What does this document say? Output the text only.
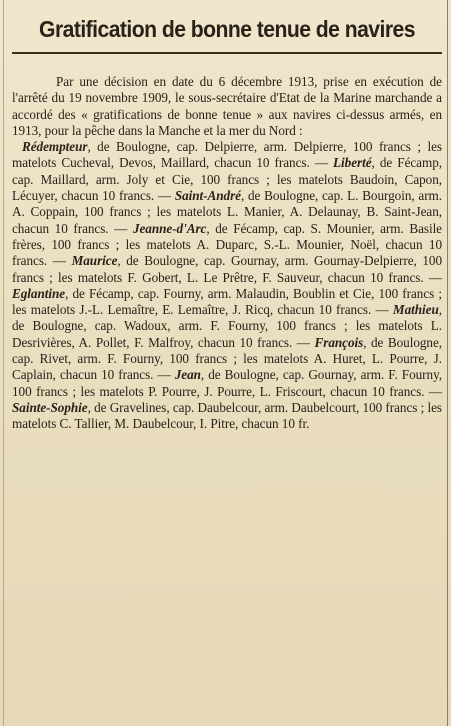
Gratification de bonne tenue de navires

Par une décision en date du 6 décembre 1913, prise en exécution de l'arrêté du 19 novembre 1909, le sous-secrétaire d'Etat de la Marine marchande a accordé des « gratifications de bonne tenue » aux navires ci-dessus armés, en 1913, pour la pêche dans la Manche et la mer du Nord :

Rédempteur, de Boulogne, cap. Delpierre, arm. Delpierre, 100 francs ; les matelots Cucheval, Devos, Maillard, chacun 10 francs. — Liberté, de Fécamp, cap. Maillard, arm. Joly et Cie, 100 francs ; les matelots Baudoin, Capon, Lécuyer, chacun 10 francs. — Saint-André, de Boulogne, cap. L. Bourgoin, arm. A. Coppain, 100 francs ; les matelots L. Manier, A. Delaunay, B. Saint-Jean, chacun 10 francs. — Jeanne-d'Arc, de Fécamp, cap. S. Mounier, arm. Basile frères, 100 francs ; les matelots A. Duparc, S.-L. Mounier, Noël, chacun 10 francs. — Maurice, de Boulogne, cap. Gournay, arm. Gournay-Delpierre, 100 francs ; les matelots F. Gobert, L. Le Prêtre, F. Sauveur, chacun 10 francs. — Eglantine, de Fécamp, cap. Fourny, arm. Malaudin, Boublin et Cie, 100 francs ; les matelots J.-L. Lemaître, E. Lemaître, J. Ricq, chacun 10 francs. — Mathieu, de Boulogne, cap. Wadoux, arm. F. Fourny, 100 francs ; les matelots L. Desrivières, A. Pollet, F. Malfroy, chacun 10 francs. — François, de Boulogne, cap. Rivet, arm. F. Fourny, 100 francs ; les matelots A. Huret, L. Pourre, J. Caplain, chacun 10 francs. — Jean, de Boulogne, cap. Gournay, arm. F. Fourny, 100 francs ; les matelots P. Pourre, J. Pourre, L. Friscourt, chacun 10 francs. — Sainte-Sophie, de Gravelines, cap. Daubelcour, arm. Daubelcourt, 100 francs ; les matelots C. Tallier, M. Daubelcour, I. Pitre, chacun 10 fr.
